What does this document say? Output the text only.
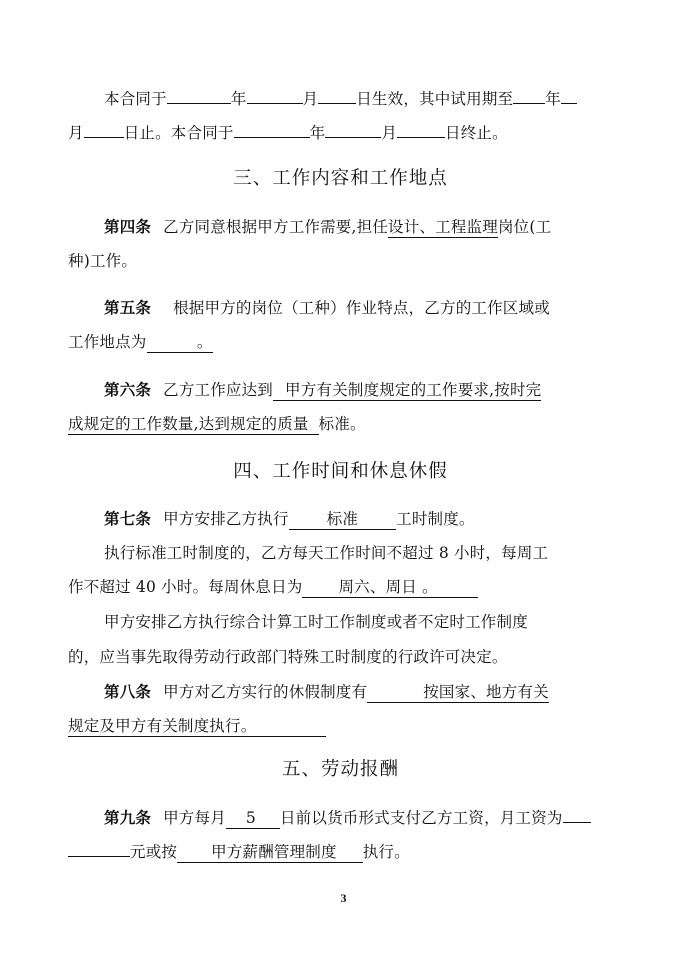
本合同于	年	月 日生效，其中试用期至 年
月	日止。本合同于	年	月	日终止。
三、工作内容和工作地点
第四条 乙方同意根据甲方工作需要,担任设计、工程监理岗位(工
种)工作。
第五条 根据甲方的岗位（工种）作业特点，乙方的工作区域或
工作地点为	。
第六条 乙方工作应达到 甲方有关制度规定的工作要求,按时完
成规定的工作数量,达到规定的质量 标准。
四、工作时间和休息休假
第七条 甲方安排乙方执行 标准 工时制度。
执行标准工时制度的，乙方每天工作时间不超过 8 小时，每周工
作不超过 40 小时。每周休息日为 周六、周日 。
甲方安排乙方执行综合计算工时工作制度或者不定时工作制度
的，应当事先取得劳动行政部门特殊工时制度的行政许可决定。
第八条 甲方对乙方实行的休假制度有	按国家、地方有关
规定及甲方有关制度执行。
五、劳动报酬
第九条 甲方每月 5 日前以货币形式支付乙方工资，月工资为
元或按 甲方薪酬管理制度 执行。
3
